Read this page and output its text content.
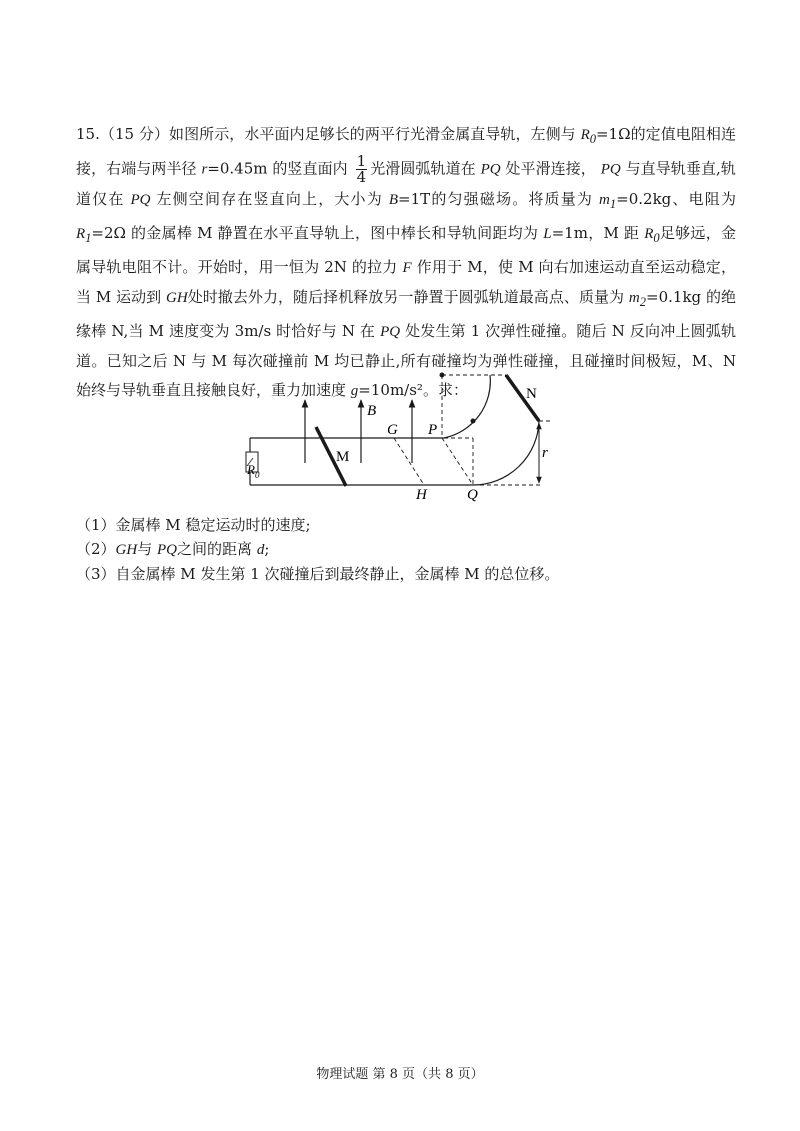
15.（15 分）如图所示，水平面内足够长的两平行光滑金属直导轨，左侧与 $R_0=1\Omega$的定值电阻相连接，右端与两半径 r=0.45m 的竖直面内 $\frac{1}{4}$ 光滑圆弧轨道在 PQ 处平滑连接， PQ 与直导轨垂直,轨道仅在 PQ 左侧空间存在竖直向上，大小为 B=1T的匀强磁场。将质量为 $m_1=0.2kg$、电阻为 $R_1=2\Omega$ 的金属棒 M 静置在水平直导轨上，图中棒长和导轨间距均为 L=1m，M 距 $R_0$足够远，金属导轨电阻不计。开始时，用一恒为 2N 的拉力 F 作用于 M，使 M 向右加速运动直至运动稳定，当 M 运动到 GH处时撤去外力，随后择机释放另一静置于圆弧轨道最高点、质量为 $m_2=0.1kg$ 的绝缘棒 N,当 M 速度变为 3m/s 时恰好与 N 在 PQ 处发生第 1 次弹性碰撞。随后 N 反向冲上圆弧轨道。已知之后 N 与 M 每次碰撞前 M 均已静止,所有碰撞均为弹性碰撞，且碰撞时间极短，M、N 始终与导轨垂直且接触良好，重力加速度 g=10m/s²。求：

B
G P
N
M
$R_0$
H	Q
r

（1）金属棒 M 稳定运动时的速度;

（2）GH与 PQ之间的距离 d;

（3）自金属棒 M 发生第 1 次碰撞后到最终静止，金属棒 M 的总位移。

物理试题 第 8 页（共 8 页）
